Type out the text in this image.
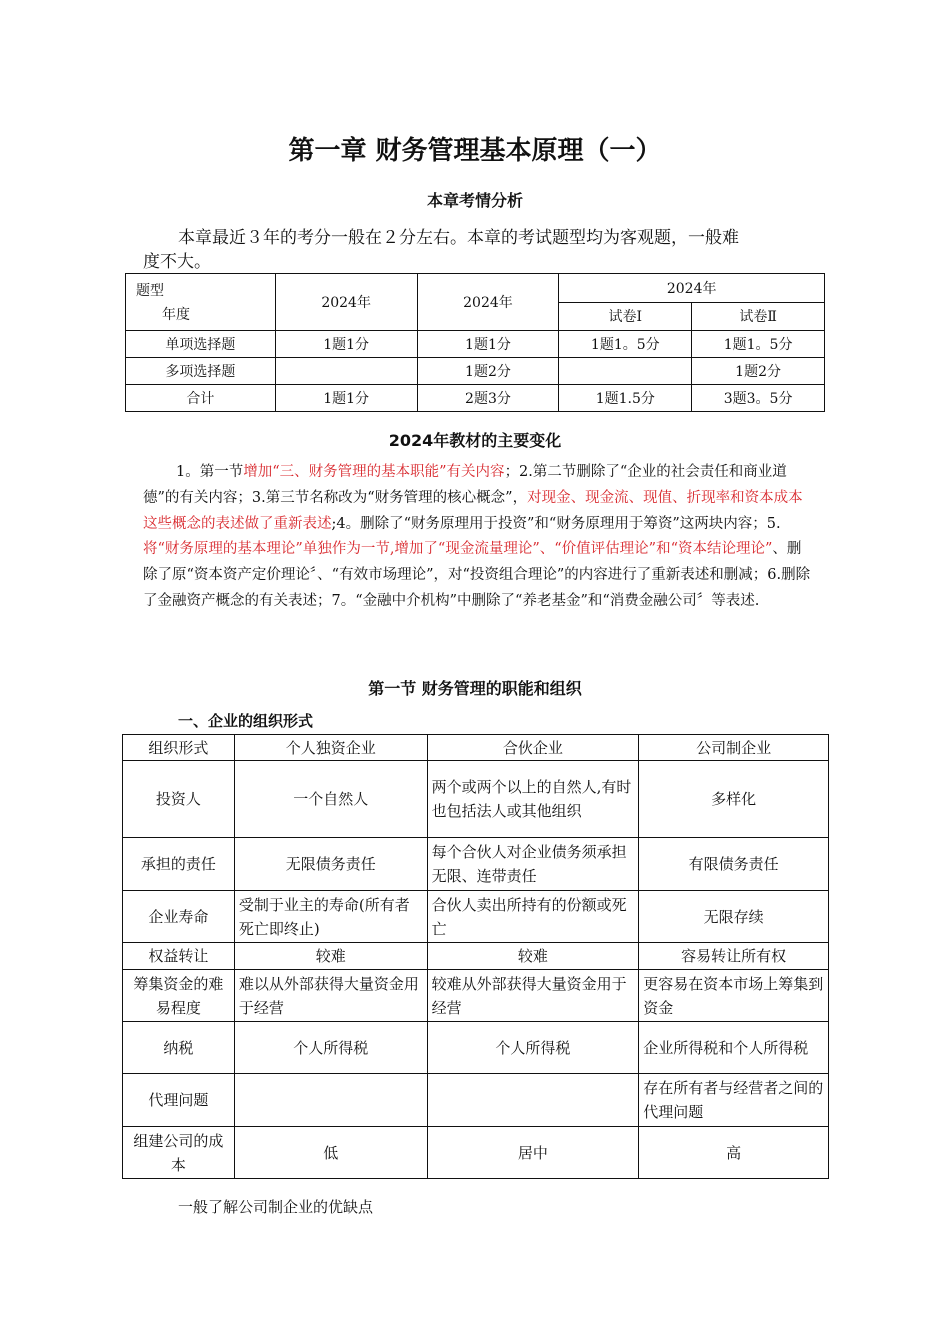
第一章 财务管理基本原理（一）
本章考情分析
本章最近３年的考分一般在２分左右。本章的考试题型均为客观题，一般难
度不大。
题型
年度	2024年	2024年	2024年	
			试卷Ⅰ	试卷Ⅱ
单项选择题	1题1分	1题1分	1题1。5分	1题1。5分
多项选择题		1题2分		1题2分
合计	1题1分	2题3分	1题1.5分	3题3。5分
2024年教材的主要变化
1。第一节增加“三、财务管理的基本职能”有关内容；2.第二节删除了“企业的社会责任和商业道德”的有关内容；3.第三节名称改为“财务管理的核心概念”，对现金、现金流、现值、折现率和资本成本这些概念的表述做了重新表述;4。删除了“财务原理用于投资”和“财务原理用于筹资”这两块内容；5.将“财务原理的基本理论”单独作为一节,增加了“现金流量理论”、“价值评估理论”和“资本结论理论”、删除了原“资本资产定价理论〞、“有效市场理论”，对“投资组合理论”的内容进行了重新表述和删减；6.删除了金融资产概念的有关表述；7。“金融中介机构”中删除了“养老基金”和“消费金融公司〞等表述.
第一节 财务管理的职能和组织
一、企业的组织形式
组织形式	个人独资企业	合伙企业	公司制企业
投资人	一个自然人	两个或两个以上的自然人,有时也包括法人或其他组织	多样化
承担的责任	无限债务责任	每个合伙人对企业债务须承担无限、连带责任	有限债务责任
企业寿命	受制于业主的寿命(所有者死亡即终止)	合伙人卖出所持有的份额或死亡	无限存续
权益转让	较难	较难	容易转让所有权
筹集资金的难易程度	难以从外部获得大量资金用于经营	较难从外部获得大量资金用于经营	更容易在资本市场上筹集到资金
纳税	个人所得税	个人所得税	企业所得税和个人所得税
代理问题			存在所有者与经营者之间的代理问题
组建公司的成本	低	居中	高
一般了解公司制企业的优缺点
